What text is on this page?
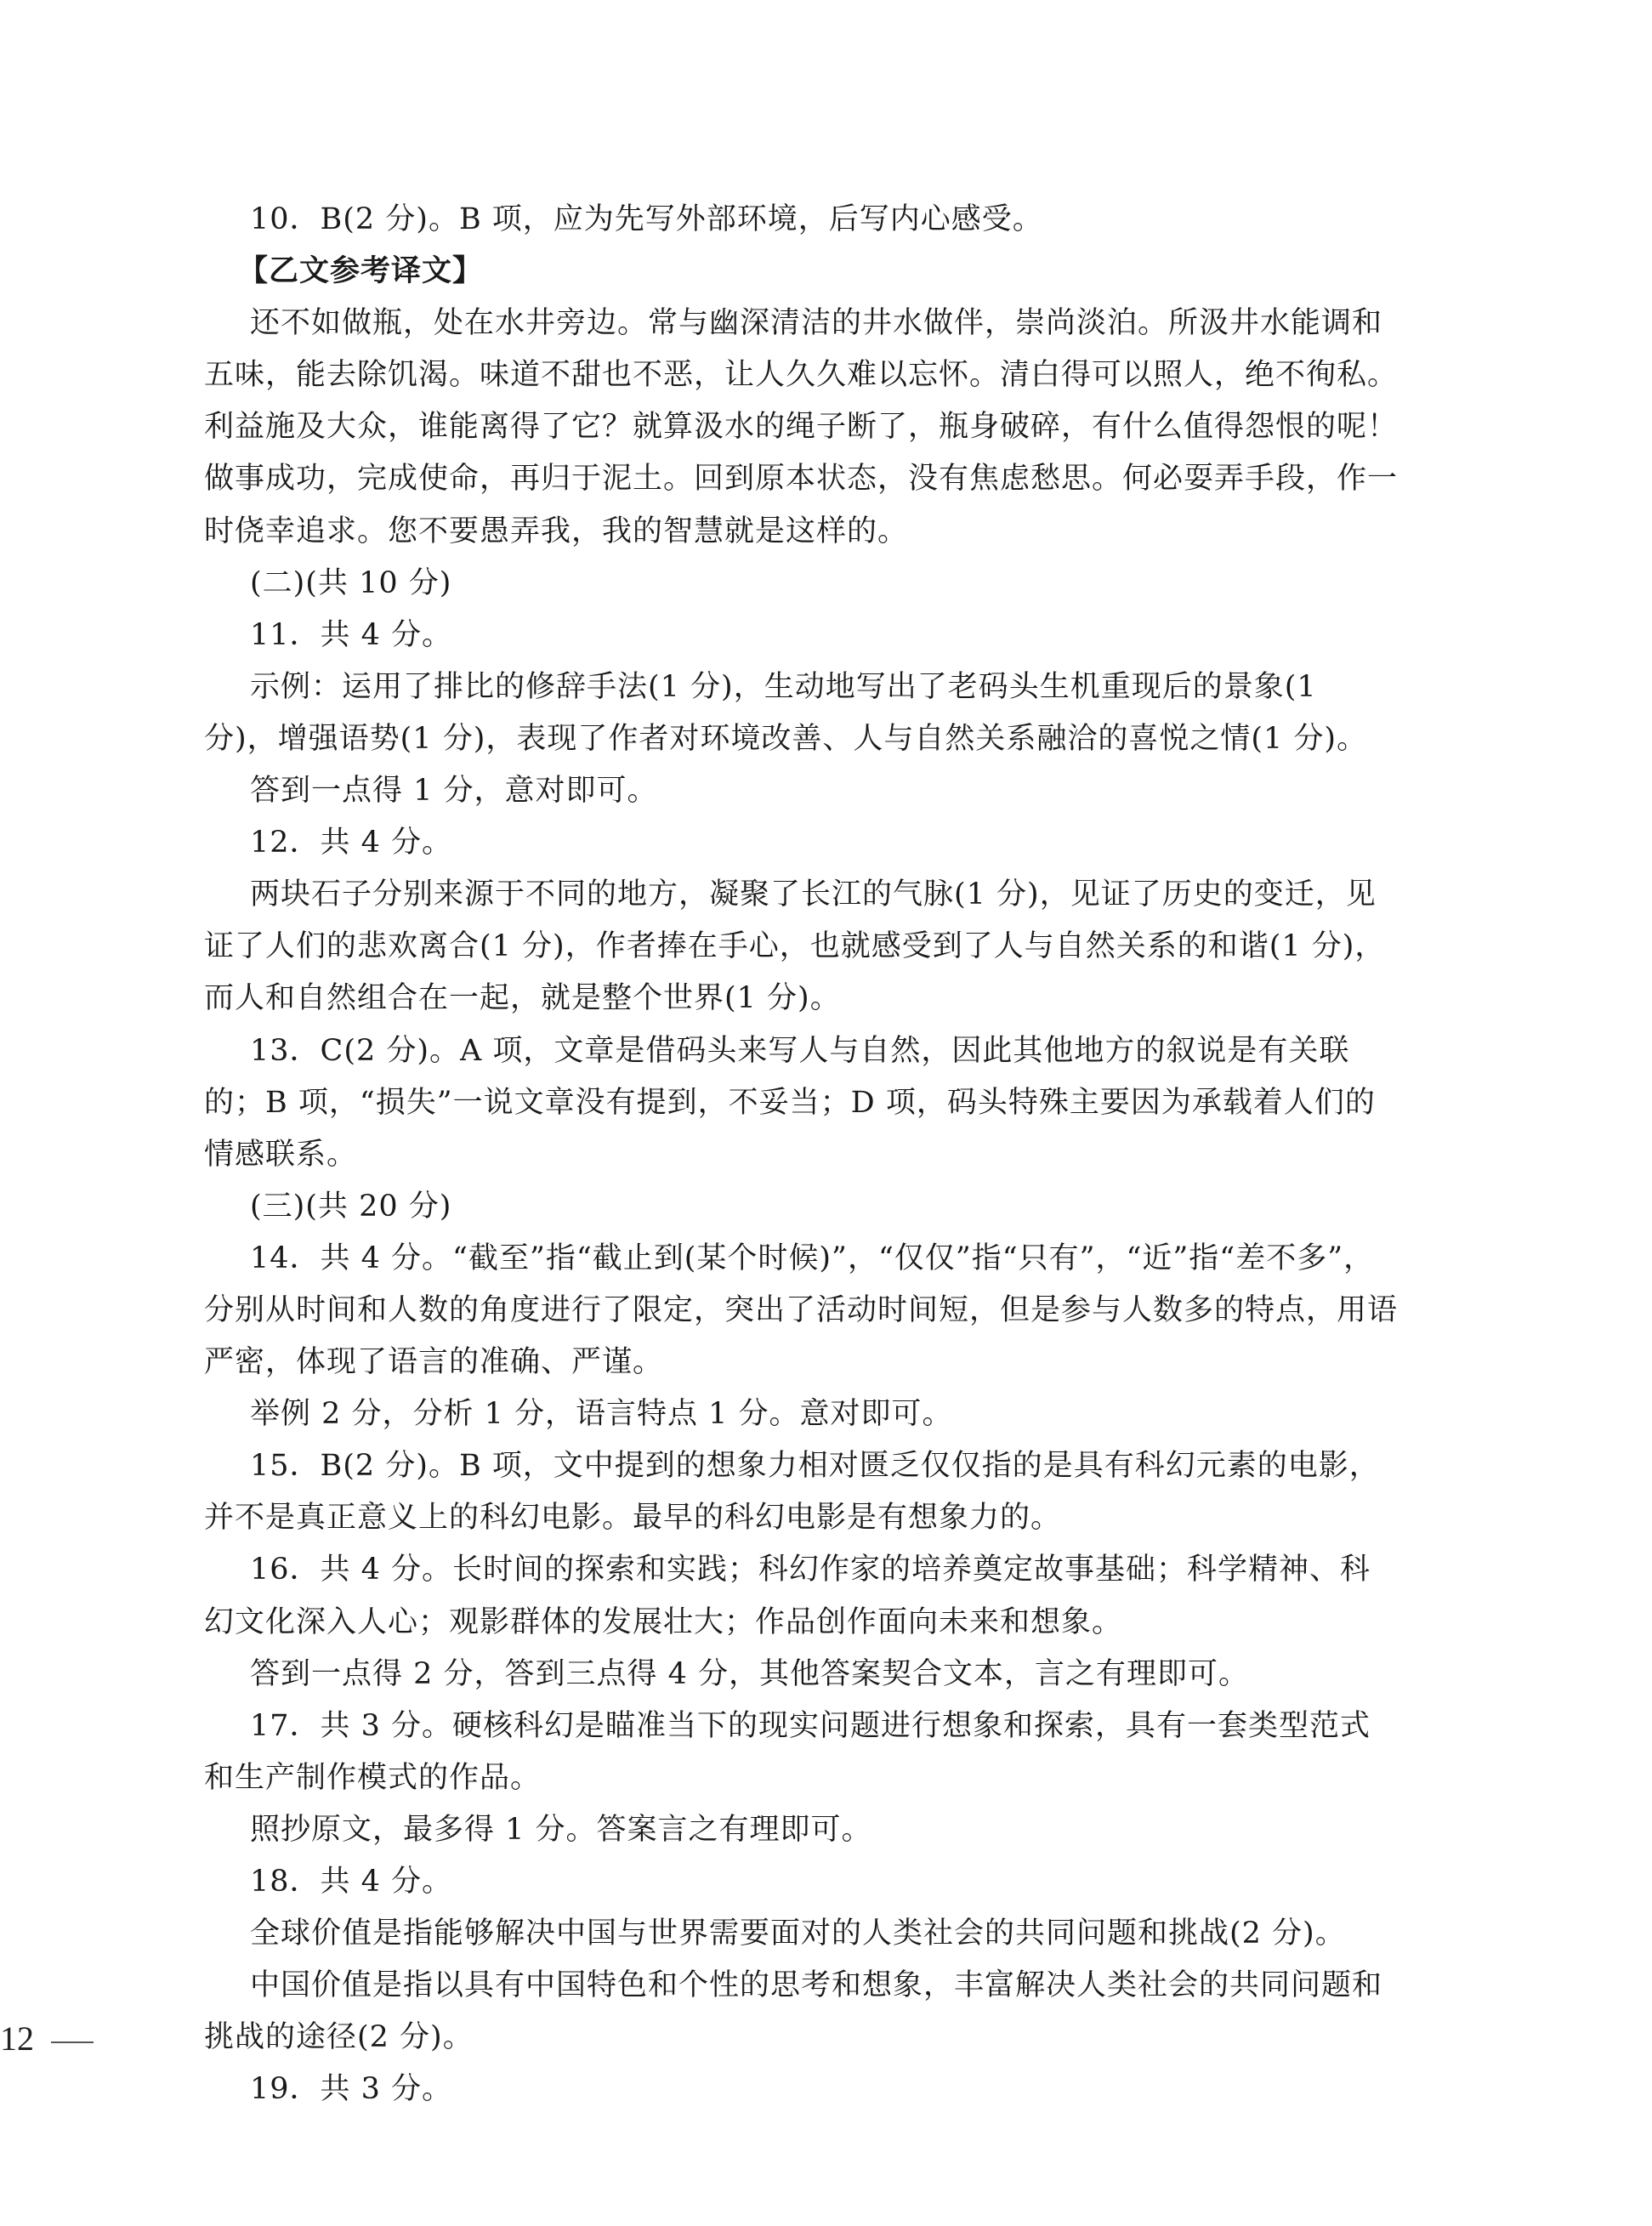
10．B(2 分)。B 项，应为先写外部环境，后写内心感受。

【乙文参考译文】

还不如做瓶，处在水井旁边。常与幽深清洁的井水做伴，崇尚淡泊。所汲井水能调和五味，能去除饥渴。味道不甜也不恶，让人久久难以忘怀。清白得可以照人，绝不徇私。利益施及大众，谁能离得了它？就算汲水的绳子断了，瓶身破碎，有什么值得怨恨的呢！做事成功，完成使命，再归于泥土。回到原本状态，没有焦虑愁思。何必耍弄手段，作一时侥幸追求。您不要愚弄我，我的智慧就是这样的。

(二)(共 10 分)

11．共 4 分。

示例：运用了排比的修辞手法(1 分)，生动地写出了老码头生机重现后的景象(1 分)，增强语势(1 分)，表现了作者对环境改善、人与自然关系融洽的喜悦之情(1 分)。

答到一点得 1 分，意对即可。

12．共 4 分。

两块石子分别来源于不同的地方，凝聚了长江的气脉(1 分)，见证了历史的变迁，见证了人们的悲欢离合(1 分)，作者捧在手心，也就感受到了人与自然关系的和谐(1 分)，而人和自然组合在一起，就是整个世界(1 分)。

13．C(2 分)。A 项，文章是借码头来写人与自然，因此其他地方的叙说是有关联的；B 项，“损失”一说文章没有提到，不妥当；D 项，码头特殊主要因为承载着人们的情感联系。

(三)(共 20 分)

14．共 4 分。“截至”指“截止到(某个时候)”，“仅仅”指“只有”，“近”指“差不多”，分别从时间和人数的角度进行了限定，突出了活动时间短，但是参与人数多的特点，用语严密，体现了语言的准确、严谨。

举例 2 分，分析 1 分，语言特点 1 分。意对即可。

15．B(2 分)。B 项，文中提到的想象力相对匮乏仅仅指的是具有科幻元素的电影，并不是真正意义上的科幻电影。最早的科幻电影是有想象力的。

16．共 4 分。长时间的探索和实践；科幻作家的培养奠定故事基础；科学精神、科幻文化深入人心；观影群体的发展壮大；作品创作面向未来和想象。

答到一点得 2 分，答到三点得 4 分，其他答案契合文本，言之有理即可。

17．共 3 分。硬核科幻是瞄准当下的现实问题进行想象和探索，具有一套类型范式和生产制作模式的作品。

照抄原文，最多得 1 分。答案言之有理即可。

18．共 4 分。

全球价值是指能够解决中国与世界需要面对的人类社会的共同问题和挑战(2 分)。

中国价值是指以具有中国特色和个性的思考和想象，丰富解决人类社会的共同问题和挑战的途径(2 分)。

19．共 3 分。

12
